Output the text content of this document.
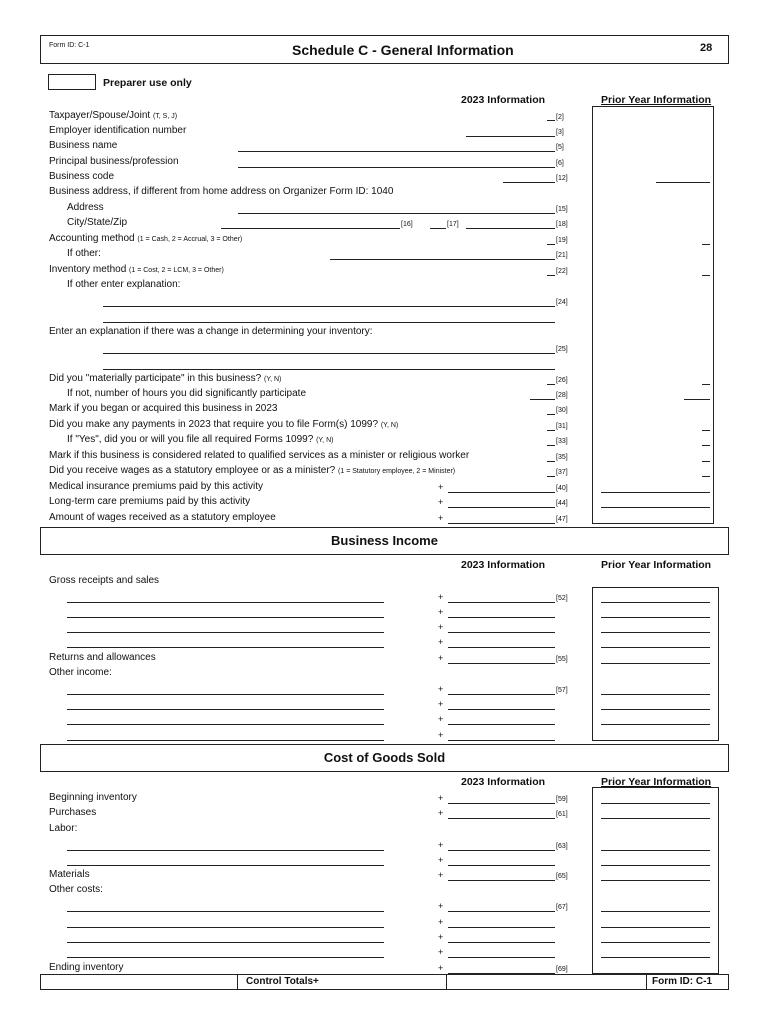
Form ID: C-1	Schedule C - General Information	28
Preparer use only
2023 Information	Prior Year Information
Taxpayer/Spouse/Joint (T, S, J)	[2]
Employer identification number	[3]
Business name	[5]
Principal business/profession	[6]
Business code	[12]
Business address, if different from home address on Organizer Form ID: 1040
Address	[15]
City/State/Zip	[16]	[17]	[18]
Accounting method (1 = Cash, 2 = Accrual, 3 = Other)	[19]
If other:	[21]
Inventory method (1 = Cost, 2 = LCM, 3 = Other)	[22]
If other enter explanation:
[24]
Enter an explanation if there was a change in determining your inventory:
[25]
Did you "materially participate" in this business? (Y, N)	[26]
If not, number of hours you did significantly participate	[28]
Mark if you began or acquired this business in 2023	[30]
Did you make any payments in 2023 that require you to file Form(s) 1099? (Y, N)	[31]
If "Yes", did you or will you file all required Forms 1099? (Y, N)	[33]
Mark if this business is considered related to qualified services as a minister or religious worker	[35]
Did you receive wages as a statutory employee or as a minister? (1 = Statutory employee, 2 = Minister)	[37]
Medical insurance premiums paid by this activity	+	[40]
Long-term care premiums paid by this activity	+	[44]
Amount of wages received as a statutory employee	+	[47]
Business Income
2023 Information	Prior Year Information
Gross receipts and sales
+	[52]
+
+
+
Returns and allowances	+	[55]
Other income:
+	[57]
+
+
+
Cost of Goods Sold
2023 Information	Prior Year Information
Beginning inventory	+	[59]
Purchases	+	[61]
Labor:
+	[63]
+
Materials	+	[65]
Other costs:
+	[67]
+
+
+
Ending inventory	+	[69]
Control Totals+	Form ID: C-1
